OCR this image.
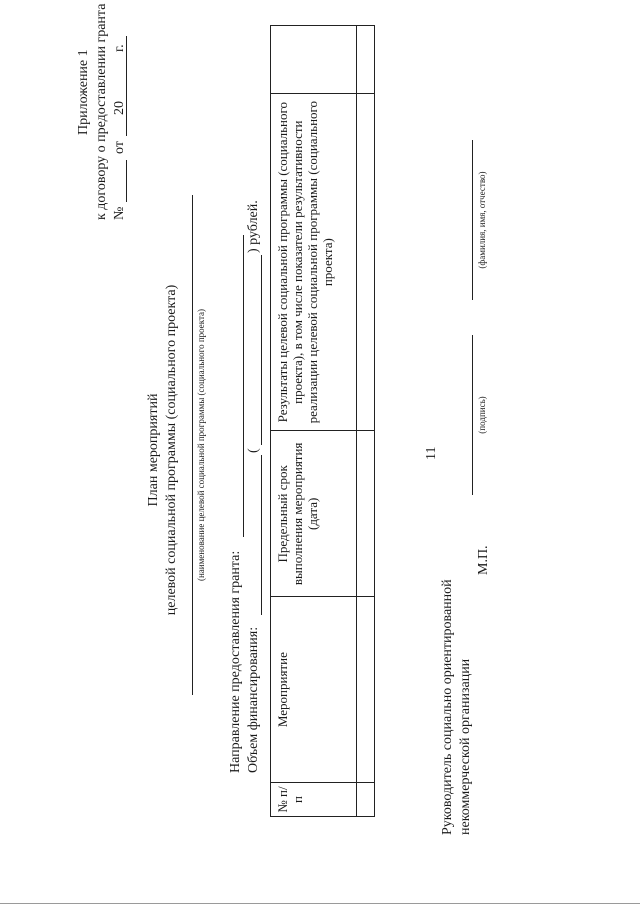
11
Приложение 1 к договору о предоставлении гранта №
от
20
г.
План мероприятий целевой социальной программы (социального проекта) (наименование целевой социальной программы (социального проекта)
Направление предоставления гранта: Объем финансирования:
(
) рублей.
№ п/п	Мероприятие	Предельный срок выполнения мероприятия (дата)	Результаты целевой социальной программы (социального проекта), в том числе показатели результативности реализации целевой социальной программы (социального проекта)	

Руководитель социально ориентированной некоммерческой организации
М.П.
(подпись)
(фамилия, имя, отчество)
